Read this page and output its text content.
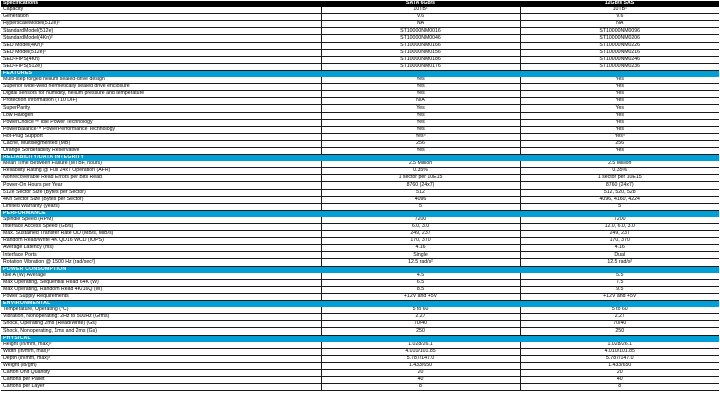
Specifications	SATA 6Gb/s	12Gb/s SAS
Capacity	10TB¹	10TB¹
Generation	V.6	V.6
HyperscaleModel(512e)²	NA	NA
StandardModel(512e)	ST10000NM0016	ST10000NM0096
StandardModel(4Kn)²	ST10000NM0046	ST10000NM0206
SED Model(4Kn)²	ST10000NM0166	ST10000NM0226
SED Model(512e)²	ST10000NM0156	ST10000NM0216
SED-FIPS(4Kn)	ST10000NM0186	ST10000NM0246
SED-FIPS(512e)	ST10000NM0176	ST10000NM0236
FEATURES		
Multi-step forged helium sealed-drive design	Yes	Yes
Superior wide-weld hermetically sealed drive enclosure	Yes	Yes
Digital sensors for humidity, helium pressure and temperature	Yes	Yes
Protection Information (T10 DIF)	N/A	Yes
SuperParity	Yes	Yes
Low Halogen	Yes	Yes
PowerChoice™ Idle Power Technology	Yes	Yes
PowerBalance™ PowerPerformance Technology	Yes	Yes
Hot-Plug Support	Yes⁵	Yes⁵
Cache, Multisegmented (MB)	256	256
Orange Sorderability Reservative	Yes	Yes
RELIABILITY/DATA INTEGRITY		
Mean Time Between Failure (MTBF, hours)	2.5 Million	2.5 Million
Reliability Rating @ Full 24x7 Operation (AFR)	0.35%	0.35%
Nonrecoverable Read Errors per Bits Read	1 sector per 10E15	1 sector per 10E15
Power-On Hours per Year	8760 (24x7)	8760 (24x7)
512e Sector Size (Bytes per Sector)	512	512, 520, 528
4Kn Sector Size (Bytes per Sector)	4096	4096, 4160, 4224
Limited Warranty (years)	5	5
PERFORMANCE		
Spindle Speed (RPM)	7200	7200
Interface Access Speed (Gb/s)	6.0, 3.0	12.0, 6.0, 3.0
Max. Sustained Transfer Rate OD (MB/s, MiB/s)	249, 237	249, 237
Random Read/Write 4K QD16 WCD (IOPS)	170, 370	170, 370
Average Latency (ms)	4.16	4.16
Interface Ports	Single	Dual
Rotation Vibration @ 1500 Hz (rad/sec²)	12.5 rad/s²	12.5 rad/s²
POWER CONSUMPTION		
Idle A (W) Average	4.5	5.5
Max Operating, Sequential Read 64K (W)	6.5	7.5
Max Operating, Random Read 4K/16Q (W)	8.5	9.5
Power Supply Requirements	+12V and +5V	+12V and +5V
ENVIRONMENTAL		
Temperature, Operating (°C)	5 to 60	5 to 60
Vibration, Nonoperating: 2Hz to 500Hz (Grms)	2.27	2.27
Shock, Operating 2ms (Read/Write) (Gs)	70/40	70/40
Shock, Nonoperating, 1ms and 2ms (Gs)	250	250
PHYSICAL		
Height (in/mm, max)³	1.028/26.1	1.028/26.1
Width (in/mm, max)³	4.010/101.85	4.010/101.85
Depth (in/mm, max)³	5.787/147.0	5.787/147.0
Weight (lb/gm)	1.433/650	1.433/650
Carton Unit Quantity	20	20
Cartons per Pallet	40	40
Cartons per Layer	8	8
